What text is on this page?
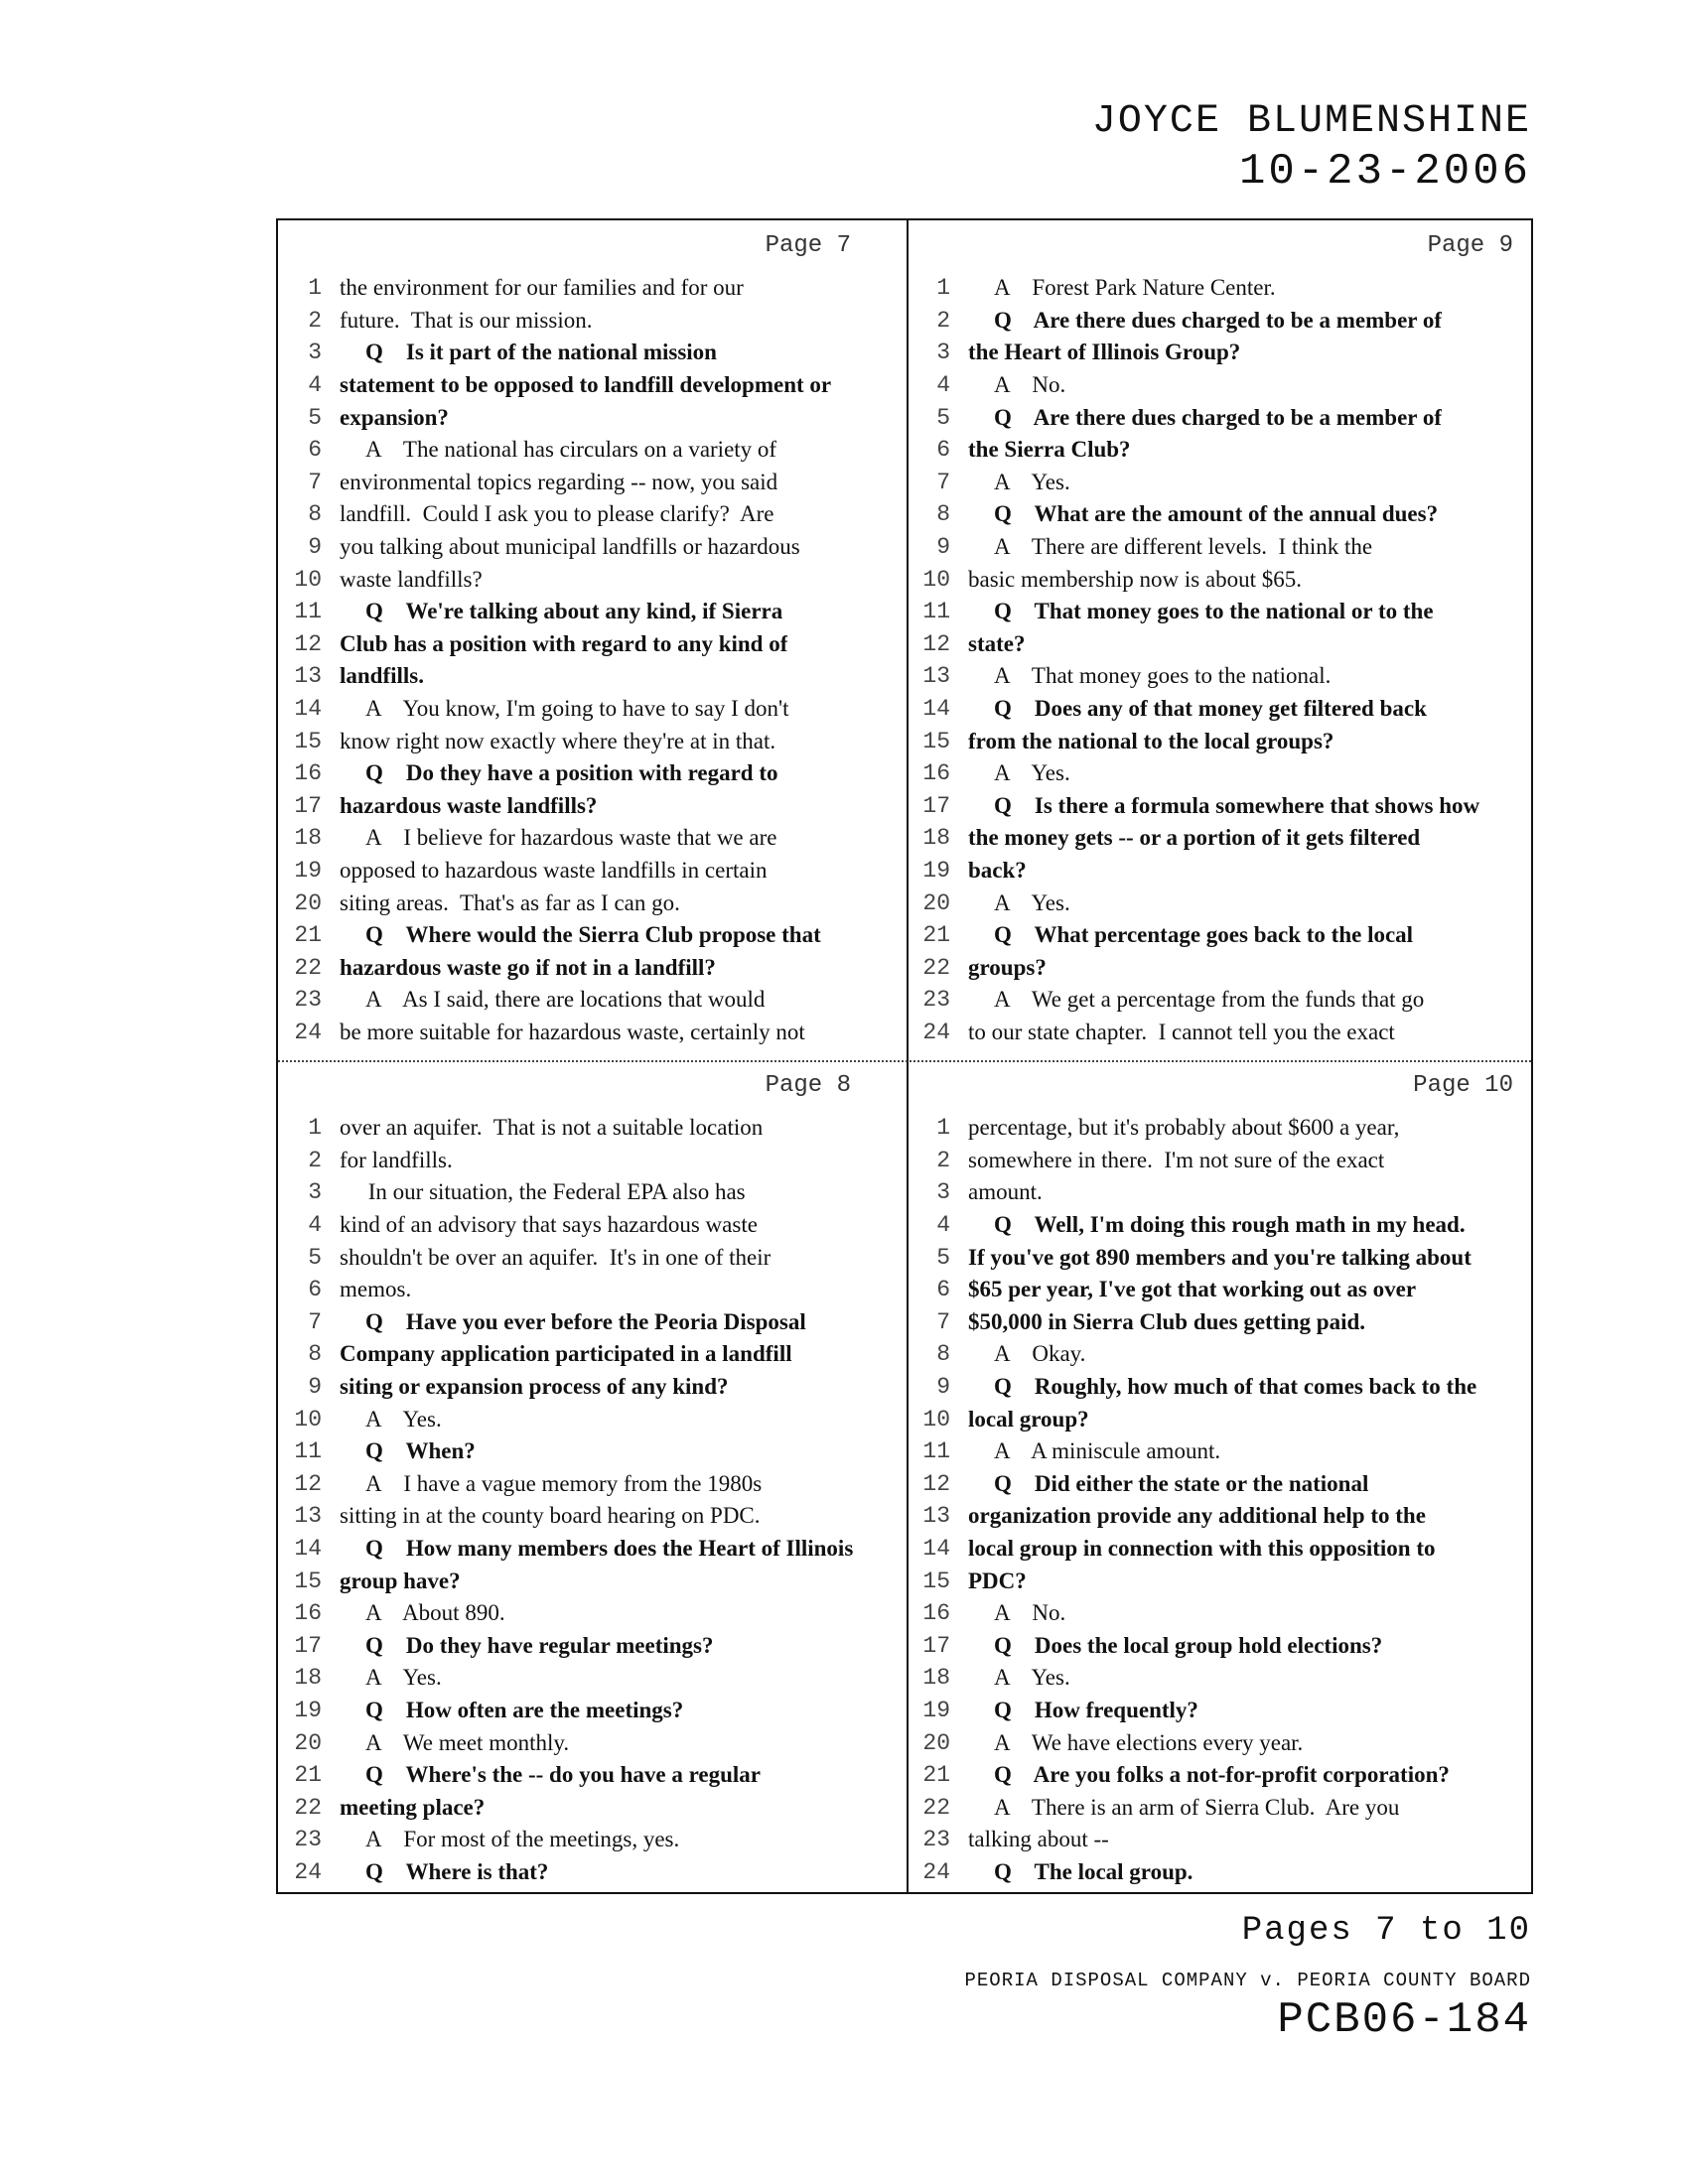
JOYCE BLUMENSHINE
10-23-2006
Page 7
1 the environment for our families and for our
2 future.  That is our mission.
3	Q    Is it part of the national mission
4 statement to be opposed to landfill development or
5 expansion?
6	A    The national has circulars on a variety of
7 environmental topics regarding -- now, you said
8 landfill.  Could I ask you to please clarify?  Are
9 you talking about municipal landfills or hazardous
10 waste landfills?
11	Q    We're talking about any kind, if Sierra
12 Club has a position with regard to any kind of
13 landfills.
14	A    You know, I'm going to have to say I don't
15 know right now exactly where they're at in that.
16	Q    Do they have a position with regard to
17 hazardous waste landfills?
18	A    I believe for hazardous waste that we are
19 opposed to hazardous waste landfills in certain
20 siting areas.  That's as far as I can go.
21	Q    Where would the Sierra Club propose that
22 hazardous waste go if not in a landfill?
23	A    As I said, there are locations that would
24 be more suitable for hazardous waste, certainly not
Page 9
1	A    Forest Park Nature Center.
2	Q    Are there dues charged to be a member of
3 the Heart of Illinois Group?
4	A    No.
5	Q    Are there dues charged to be a member of
6 the Sierra Club?
7	A    Yes.
8	Q    What are the amount of the annual dues?
9	A    There are different levels.  I think the
10 basic membership now is about $65.
11	Q    That money goes to the national or to the
12 state?
13	A    That money goes to the national.
14	Q    Does any of that money get filtered back
15 from the national to the local groups?
16	A    Yes.
17	Q    Is there a formula somewhere that shows how
18 the money gets -- or a portion of it gets filtered
19 back?
20	A    Yes.
21	Q    What percentage goes back to the local
22 groups?
23	A    We get a percentage from the funds that go
24 to our state chapter.  I cannot tell you the exact
Page 8
1 over an aquifer.  That is not a suitable location
2 for landfills.
3 In our situation, the Federal EPA also has
4 kind of an advisory that says hazardous waste
5 shouldn't be over an aquifer.  It's in one of their
6 memos.
7	Q    Have you ever before the Peoria Disposal
8 Company application participated in a landfill
9 siting or expansion process of any kind?
10	A    Yes.
11	Q    When?
12	A    I have a vague memory from the 1980s
13 sitting in at the county board hearing on PDC.
14	Q    How many members does the Heart of Illinois
15 group have?
16	A    About 890.
17	Q    Do they have regular meetings?
18	A    Yes.
19	Q    How often are the meetings?
20	A    We meet monthly.
21	Q    Where's the -- do you have a regular
22 meeting place?
23	A    For most of the meetings, yes.
24	Q    Where is that?
Page 10
1 percentage, but it's probably about $600 a year,
2 somewhere in there.  I'm not sure of the exact
3 amount.
4	Q    Well, I'm doing this rough math in my head.
5 If you've got 890 members and you're talking about
6 $65 per year, I've got that working out as over
7 $50,000 in Sierra Club dues getting paid.
8	A    Okay.
9	Q    Roughly, how much of that comes back to the
10 local group?
11	A    A miniscule amount.
12	Q    Did either the state or the national
13 organization provide any additional help to the
14 local group in connection with this opposition to
15 PDC?
16	A    No.
17	Q    Does the local group hold elections?
18	A    Yes.
19	Q    How frequently?
20	A    We have elections every year.
21	Q    Are you folks a not-for-profit corporation?
22	A    There is an arm of Sierra Club.  Are you
23 talking about --
24	Q    The local group.
Pages 7 to 10
PEORIA DISPOSAL COMPANY v. PEORIA COUNTY BOARD
PCB06-184
